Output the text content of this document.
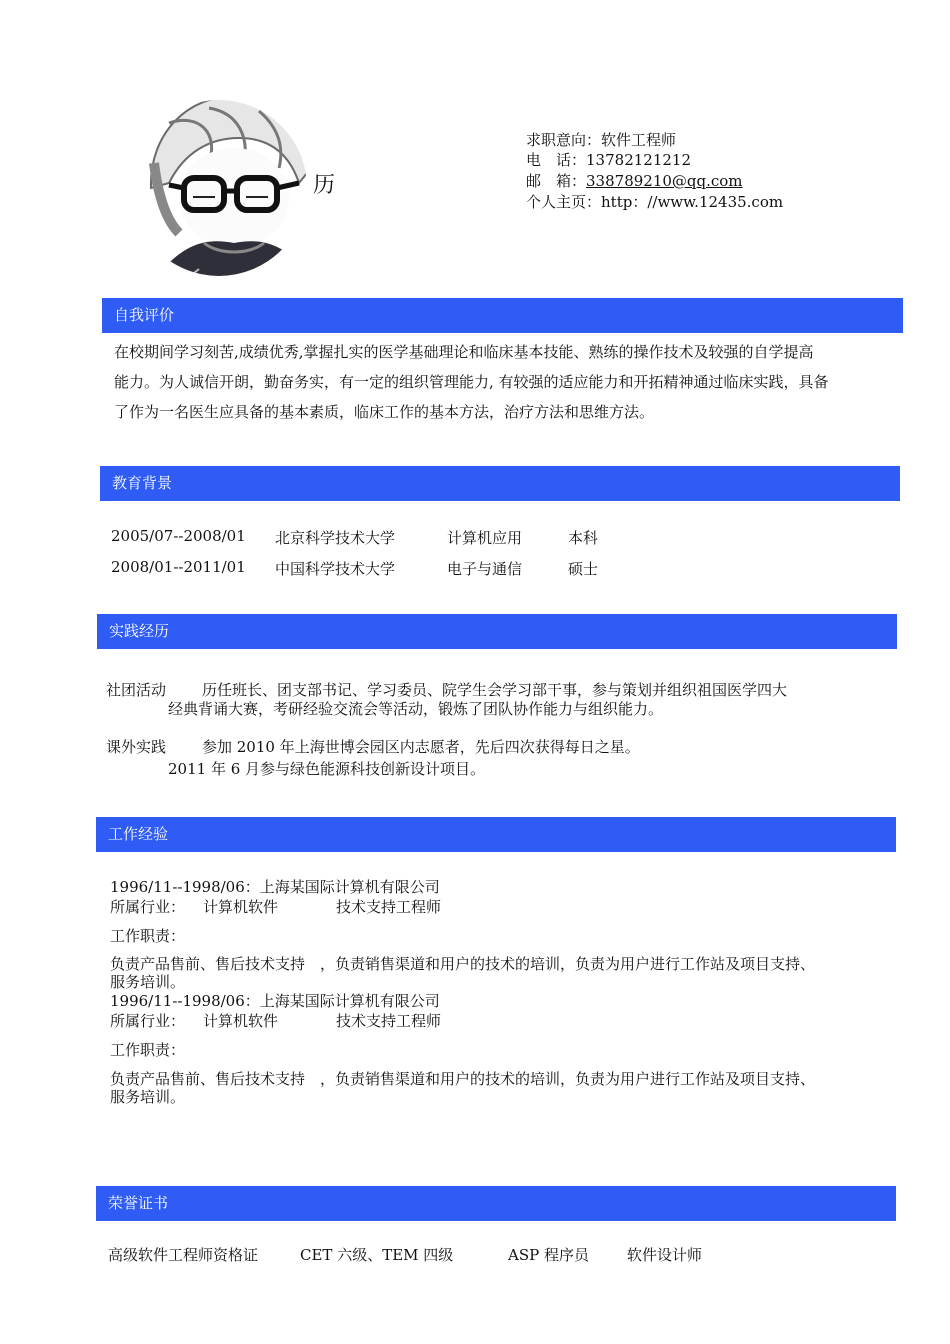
历
求职意向：软件工程师
电　话：13782121212
邮　箱：338789210@qq.com
个人主页：http：//www.12435.com
自我评价
在校期间学习刻苦,成绩优秀,掌握扎实的医学基础理论和临床基本技能、熟练的操作技术及较强的自学提高
能力。为人诚信开朗，勤奋务实，有一定的组织管理能力, 有较强的适应能力和开拓精神通过临床实践，具备
了作为一名医生应具备的基本素质，临床工作的基本方法，治疗方法和思维方法。
教育背景
2005/07--2008/01 北京科学技术大学	计算机应用	本科
2008/01--2011/01 中国科学技术大学	电子与通信	硕士
实践经历
社团活动 历任班长、团支部书记、学习委员、院学生会学习部干事，参与策划并组织祖国医学四大
经典背诵大赛，考研经验交流会等活动，锻炼了团队协作能力与组织能力。
课外实践 参加 2010 年上海世博会园区内志愿者，先后四次获得每日之星。
2011 年 6 月参与绿色能源科技创新设计项目。
工作经验
1996/11--1998/06：上海某国际计算机有限公司
所属行业： 计算机软件	技术支持工程师
工作职责：
负责产品售前、售后技术支持　，负责销售渠道和用户的技术的培训，负责为用户进行工作站及项目支持、
服务培训。
1996/11--1998/06：上海某国际计算机有限公司
所属行业： 计算机软件	技术支持工程师
工作职责：
负责产品售前、售后技术支持　，负责销售渠道和用户的技术的培训，负责为用户进行工作站及项目支持、
服务培训。
荣誉证书
高级软件工程师资格证	CET 六级、TEM 四级	ASP 程序员	软件设计师
